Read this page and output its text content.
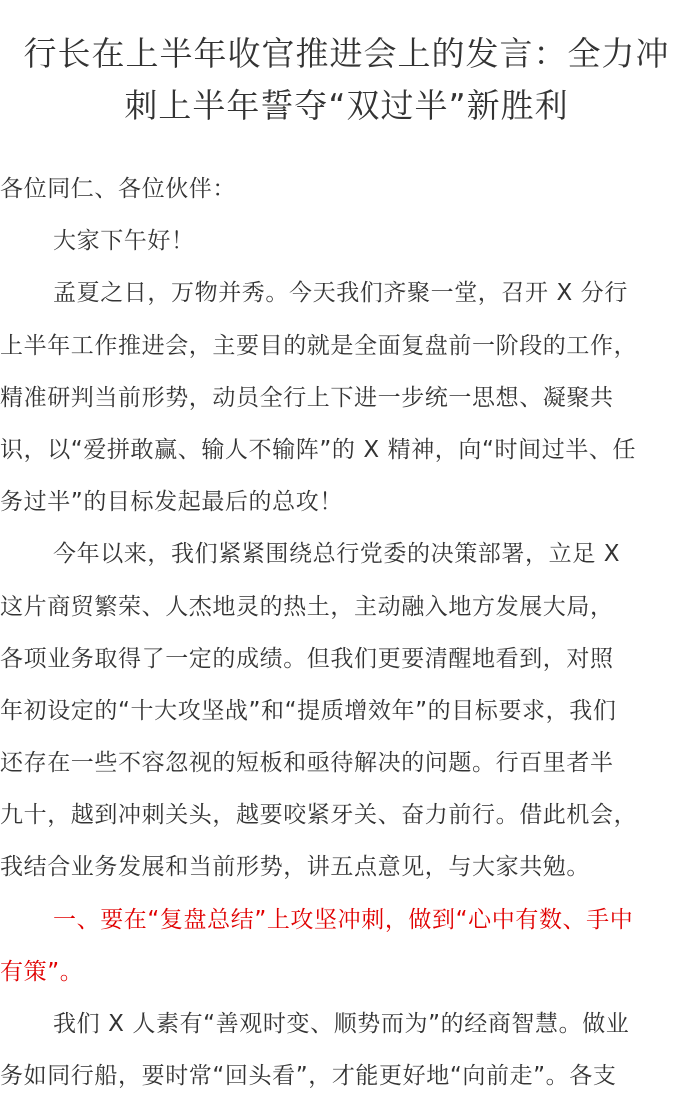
行长在上半年收官推进会上的发言：全力冲
刺上半年誓夺“双过半”新胜利

各位同仁、各位伙伴：

大家下午好！

孟夏之日，万物并秀。今天我们齐聚一堂，召开 X 分行
上半年工作推进会，主要目的就是全面复盘前一阶段的工作，
精准研判当前形势，动员全行上下进一步统一思想、凝聚共
识，以“爱拼敢赢、输人不输阵”的 X 精神，向“时间过半、任
务过半”的目标发起最后的总攻！

今年以来，我们紧紧围绕总行党委的决策部署，立足 X
这片商贸繁荣、人杰地灵的热土，主动融入地方发展大局，
各项业务取得了一定的成绩。但我们更要清醒地看到，对照
年初设定的“十大攻坚战”和“提质增效年”的目标要求，我们
还存在一些不容忽视的短板和亟待解决的问题。行百里者半
九十，越到冲刺关头，越要咬紧牙关、奋力前行。借此机会，
我结合业务发展和当前形势，讲五点意见，与大家共勉。

一、要在“复盘总结”上攻坚冲刺，做到“心中有数、手中
有策”。

我们 X 人素有“善观时变、顺势而为”的经商智慧。做业
务如同行船，要时常“回头看”，才能更好地“向前走”。各支
